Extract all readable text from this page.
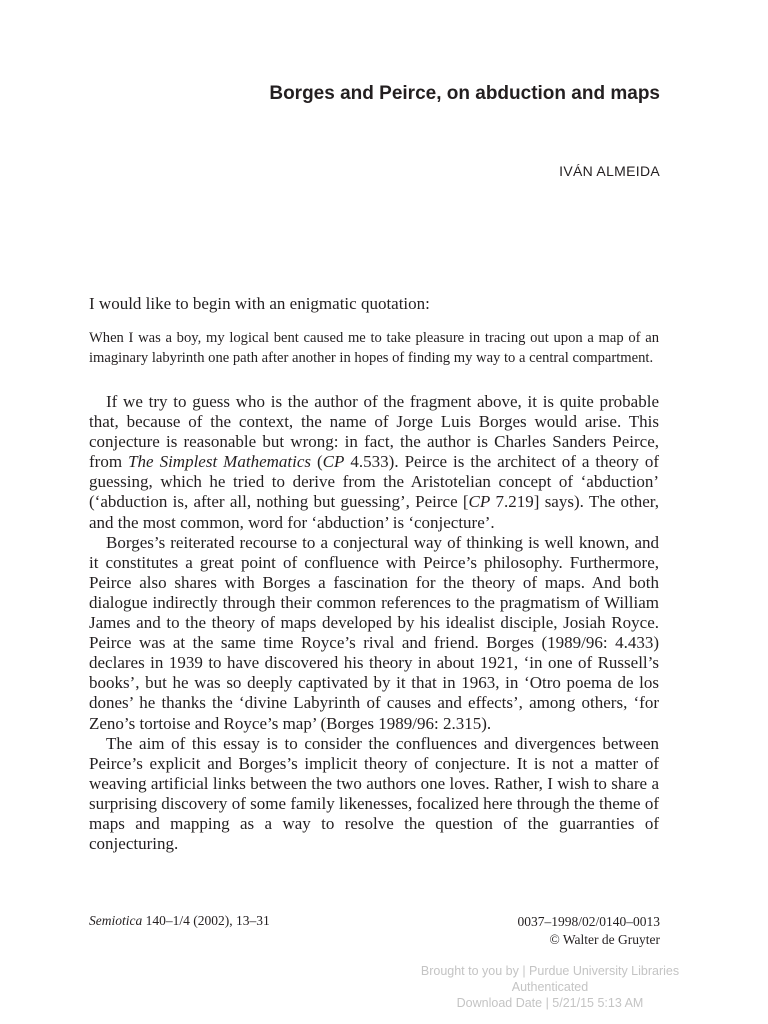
Borges and Peirce, on abduction and maps
IVÁN ALMEIDA

I would like to begin with an enigmatic quotation:

When I was a boy, my logical bent caused me to take pleasure in tracing out upon a map of an imaginary labyrinth one path after another in hopes of finding my way to a central compartment.

If we try to guess who is the author of the fragment above, it is quite probable that, because of the context, the name of Jorge Luis Borges would arise. This conjecture is reasonable but wrong: in fact, the author is Charles Sanders Peirce, from The Simplest Mathematics (CP 4.533). Peirce is the architect of a theory of guessing, which he tried to derive from the Aristotelian concept of ‘abduction’ (‘abduction is, after all, nothing but guessing’, Peirce [CP 7.219] says). The other, and the most common, word for ‘abduction’ is ‘conjecture’.

Borges’s reiterated recourse to a conjectural way of thinking is well known, and it constitutes a great point of confluence with Peirce’s philosophy. Furthermore, Peirce also shares with Borges a fascination for the theory of maps. And both dialogue indirectly through their common references to the pragmatism of William James and to the theory of maps developed by his idealist disciple, Josiah Royce. Peirce was at the same time Royce’s rival and friend. Borges (1989/96: 4.433) declares in 1939 to have discovered his theory in about 1921, ‘in one of Russell’s books’, but he was so deeply captivated by it that in 1963, in ‘Otro poema de los dones’ he thanks the ‘divine Labyrinth of causes and effects’, among others, ‘for Zeno’s tortoise and Royce’s map’ (Borges 1989/96: 2.315).

The aim of this essay is to consider the confluences and divergences between Peirce’s explicit and Borges’s implicit theory of conjecture. It is not a matter of weaving artificial links between the two authors one loves. Rather, I wish to share a surprising discovery of some family likenesses, focalized here through the theme of maps and mapping as a way to resolve the question of the guarranties of conjecturing.

Semiotica 140–1/4 (2002), 13–31	0037–1998/02/0140–0013
© Walter de Gruyter
Brought to you by | Purdue University Libraries
Authenticated
Download Date | 5/21/15 5:13 AM
